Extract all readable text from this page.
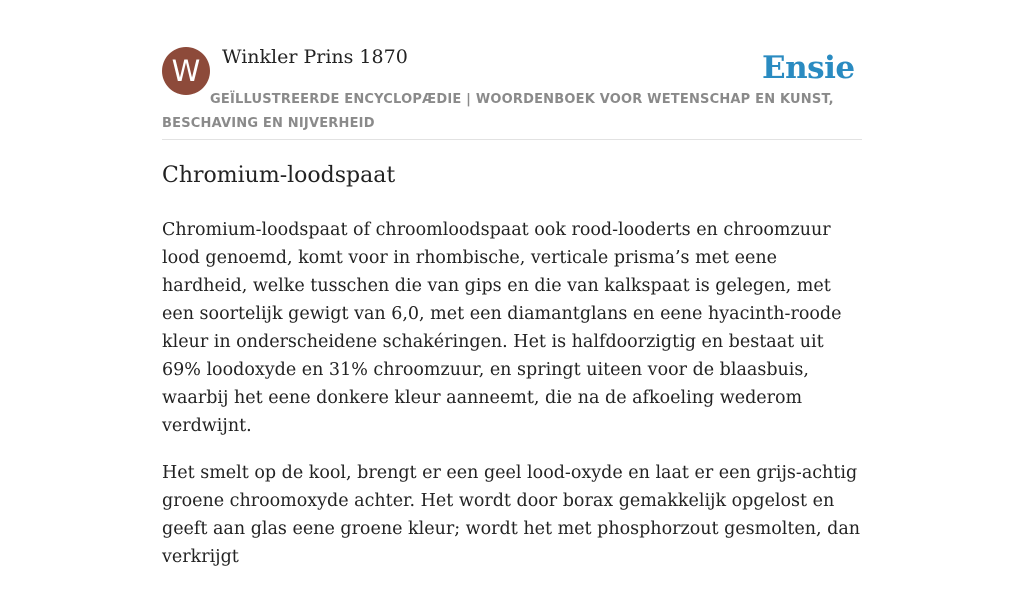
W Winkler Prins 1870	Ensie
GEÏLLUSTREERDE ENCYCLOPÆDIE | WOORDENBOEK VOOR WETENSCHAP EN KUNST, BESCHAVING EN NIJVERHEID
Chromium-loodspaat

Chromium-loodspaat of chroomloodspaat ook rood-looderts en chroomzuur lood genoemd, komt voor in rhombische, verticale prisma’s met eene hardheid, welke tusschen die van gips en die van kalkspaat is gelegen, met een soortelijk gewigt van 6,0, met een diamantglans en eene hyacinth-roode kleur in onderscheidene schakéringen. Het is halfdoorzigtig en bestaat uit 69% loodoxyde en 31% chroomzuur, en springt uiteen voor de blaasbuis, waarbij het eene donkere kleur aanneemt, die na de afkoeling wederom verdwijnt.

Het smelt op de kool, brengt er een geel lood-oxyde en laat er een grijs-achtig groene chroomoxyde achter. Het wordt door borax gemakkelijk opgelost en geeft aan glas eene groene kleur; wordt het met phosphorzout gesmolten, dan verkrijgt
